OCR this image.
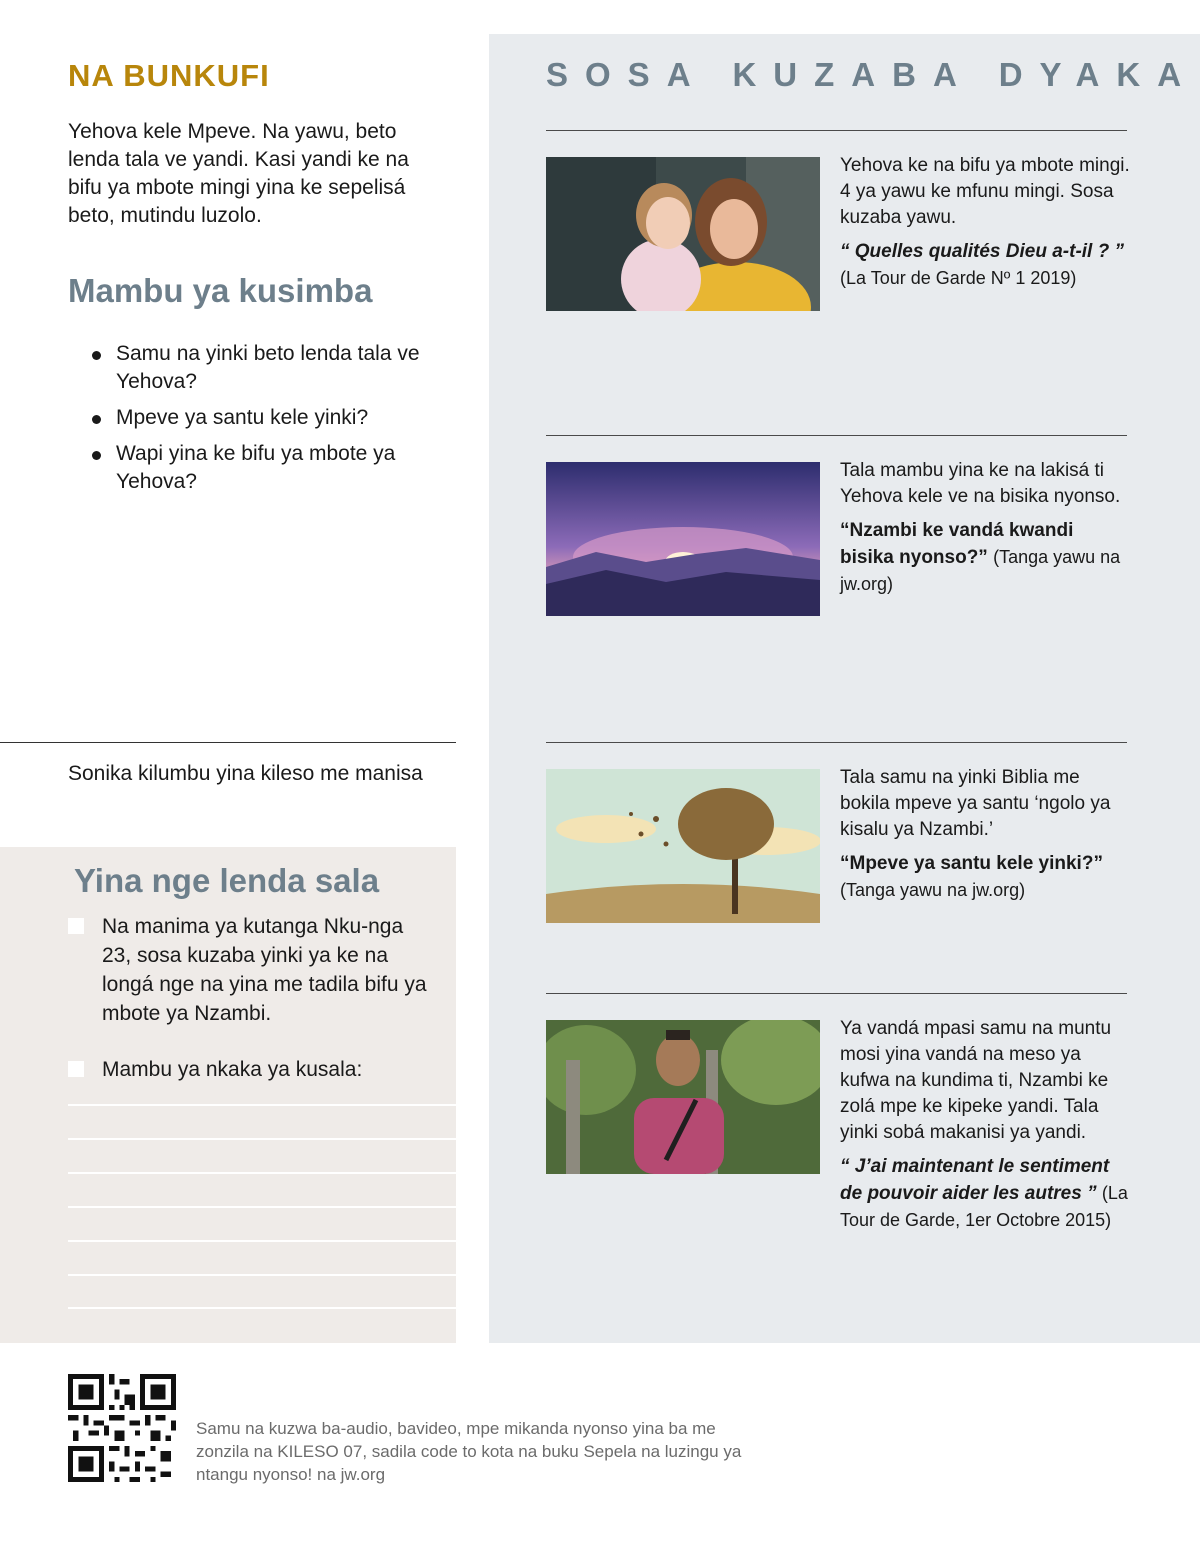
NA BUNKUFI

Yehova kele Mpeve. Na yawu, beto lenda tala ve yandi. Kasi yandi ke na bifu ya mbote mingi yina ke sepelisá beto, mutindu luzolo.

Mambu ya kusimba
Samu na yinki beto lenda tala ve Yehova?
Mpeve ya santu kele yinki?
Wapi yina ke bifu ya mbote ya Yehova?

Sonika kilumbu yina kileso me manisa

Yina nge lenda sala
Na manima ya kutanga Nku-nga 23, sosa kuzaba yinki ya ke na longá nge na yina me tadila bifu ya mbote ya Nzambi.
Mambu ya nkaka ya kusala:
SOSA KUZABA DYAKA

Yehova ke na bifu ya mbote mingi. 4 ya yawu ke mfunu mingi. Sosa kuzaba yawu.

“ Quelles qualités Dieu a-t-il ? ” (La Tour de Garde Nº 1 2019)

Tala mambu yina ke na lakisá ti Yehova kele ve na bisika nyonso.

“Nzambi ke vandá kwandi bisika nyonso?” (Tanga yawu na jw.org)

Tala samu na yinki Biblia me bokila mpeve ya santu ‘ngolo ya kisalu ya Nzambi.’

“Mpeve ya santu kele yinki?” (Tanga yawu na jw.org)

Ya vandá mpasi samu na muntu mosi yina vandá na meso ya kufwa na kundima ti, Nzambi ke zolá mpe ke kipeke yandi. Tala yinki sobá makanisi ya yandi.

“ J’ai maintenant le sentiment de pouvoir aider les autres ” (La Tour de Garde, 1er Octobre 2015)

Samu na kuzwa ba-audio, bavideo, mpe mikanda nyonso yina ba me zonzila na KILESO 07, sadila code to kota na buku Sepela na luzingu ya ntangu nyonso! na jw.org
